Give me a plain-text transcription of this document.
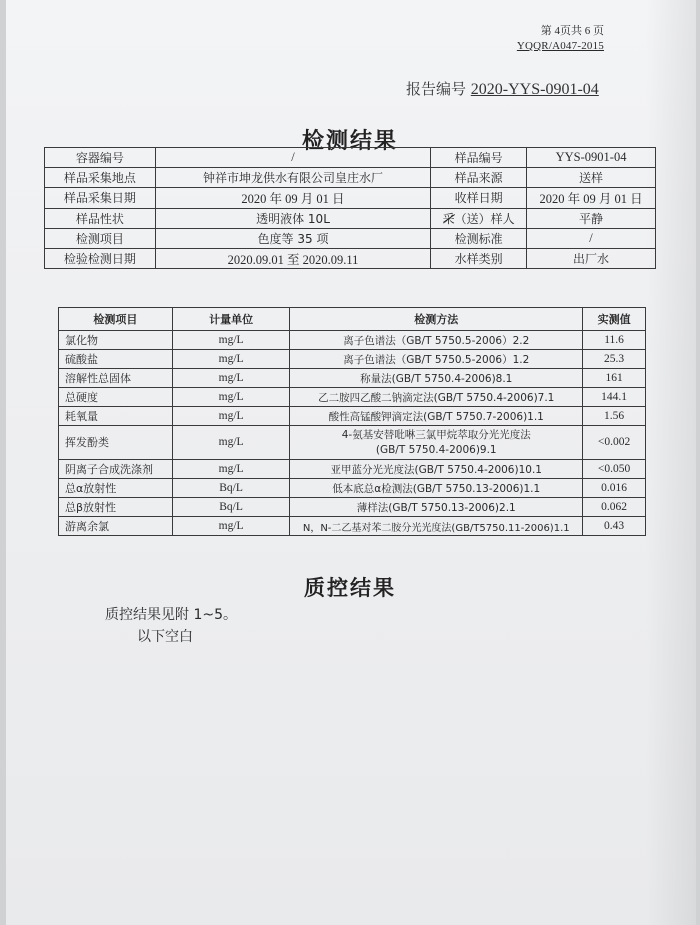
第 4页共 6 页
YQQR/A047-2015
报告编号 2020-YYS-0901-04
检测结果
容器编号	/	样品编号	YYS-0901-04
样品采集地点	钟祥市坤龙供水有限公司皇庄水厂	样品来源	送样
样品采集日期	2020 年 09 月 01 日	收样日期	2020 年 09 月 01 日
样品性状	透明液体 10L	采（送）样人	平静
检测项目	色度等 35 项	检测标准	/
检验检测日期	2020.09.01 至 2020.09.11	水样类别	出厂水
检测项目	计量单位	检测方法	实测值
氯化物	mg/L	离子色谱法（GB/T 5750.5-2006）2.2	11.6
硫酸盐	mg/L	离子色谱法（GB/T 5750.5-2006）1.2	25.3
溶解性总固体	mg/L	称量法(GB/T 5750.4-2006)8.1	161
总硬度	mg/L	乙二胺四乙酸二钠滴定法(GB/T 5750.4-2006)7.1	144.1
耗氧量	mg/L	酸性高锰酸钾滴定法(GB/T 5750.7-2006)1.1	1.56
挥发酚类	mg/L	4-氨基安替吡啉三氯甲烷萃取分光光度法
(GB/T 5750.4-2006)9.1	<0.002
阴离子合成洗涤剂	mg/L	亚甲蓝分光光度法(GB/T 5750.4-2006)10.1	<0.050
总α放射性	Bq/L	低本底总α检测法(GB/T 5750.13-2006)1.1	0.016
总β放射性	Bq/L	薄样法(GB/T 5750.13-2006)2.1	0.062
游离余氯	mg/L	N，N-二乙基对苯二胺分光光度法(GB/T5750.11-2006)1.1	0.43
质控结果
质控结果见附 1~5。
以下空白
